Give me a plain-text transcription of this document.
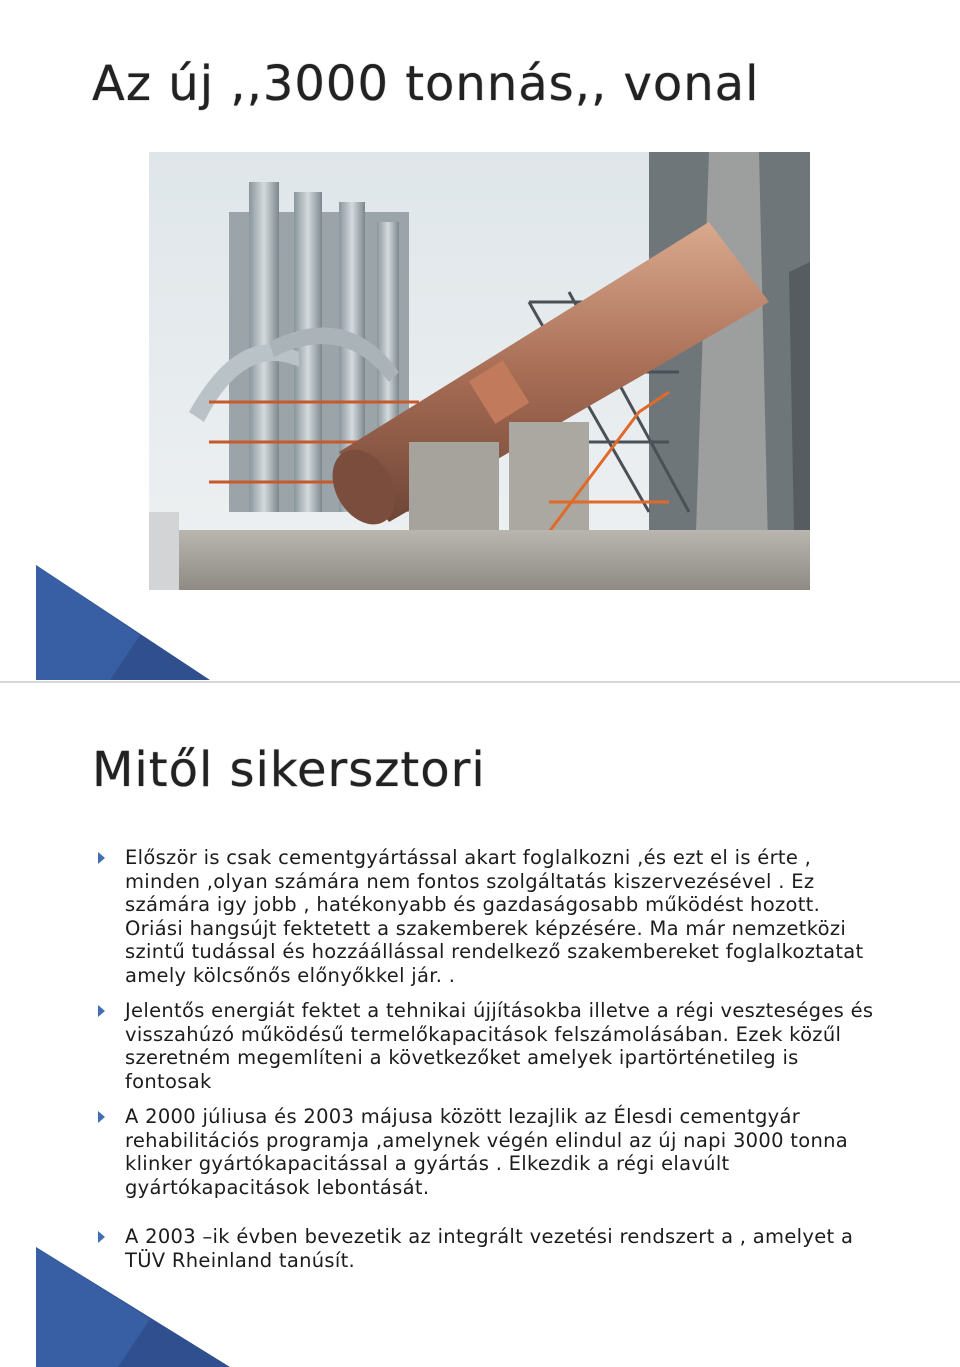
Az új ,,3000 tonnás,, vonal
Mitől sikersztori
Először is csak cementgyártással akart foglalkozni ,és ezt el is érte , minden ,olyan számára nem fontos szolgáltatás kiszervezésével . Ez számára igy jobb , hatékonyabb és gazdaságosabb működést hozott. Oriási hangsújt fektetett a szakemberek képzésére. Ma már nemzetközi szintű tudással és hozzáállással rendelkező szakembereket foglalkoztatat amely kölcsőnős előnyőkkel jár. .
Jelentős energiát fektet a tehnikai újjításokba illetve a régi veszteséges és visszahúzó működésű termelőkapacitások felszámolásában. Ezek közűl szeretném megemlíteni a következőket amelyek ipartörténetileg is fontosak
A 2000 júliusa és 2003 májusa között lezajlik az Élesdi cementgyár rehabilitációs programja ,amelynek végén elindul az új napi 3000 tonna klinker gyártókapacitással a gyártás . Elkezdik a régi elavúlt gyártókapacitások lebontását.
A 2003 –ik évben bevezetik az integrált vezetési rendszert a , amelyet a TÜV Rheinland tanúsít.
